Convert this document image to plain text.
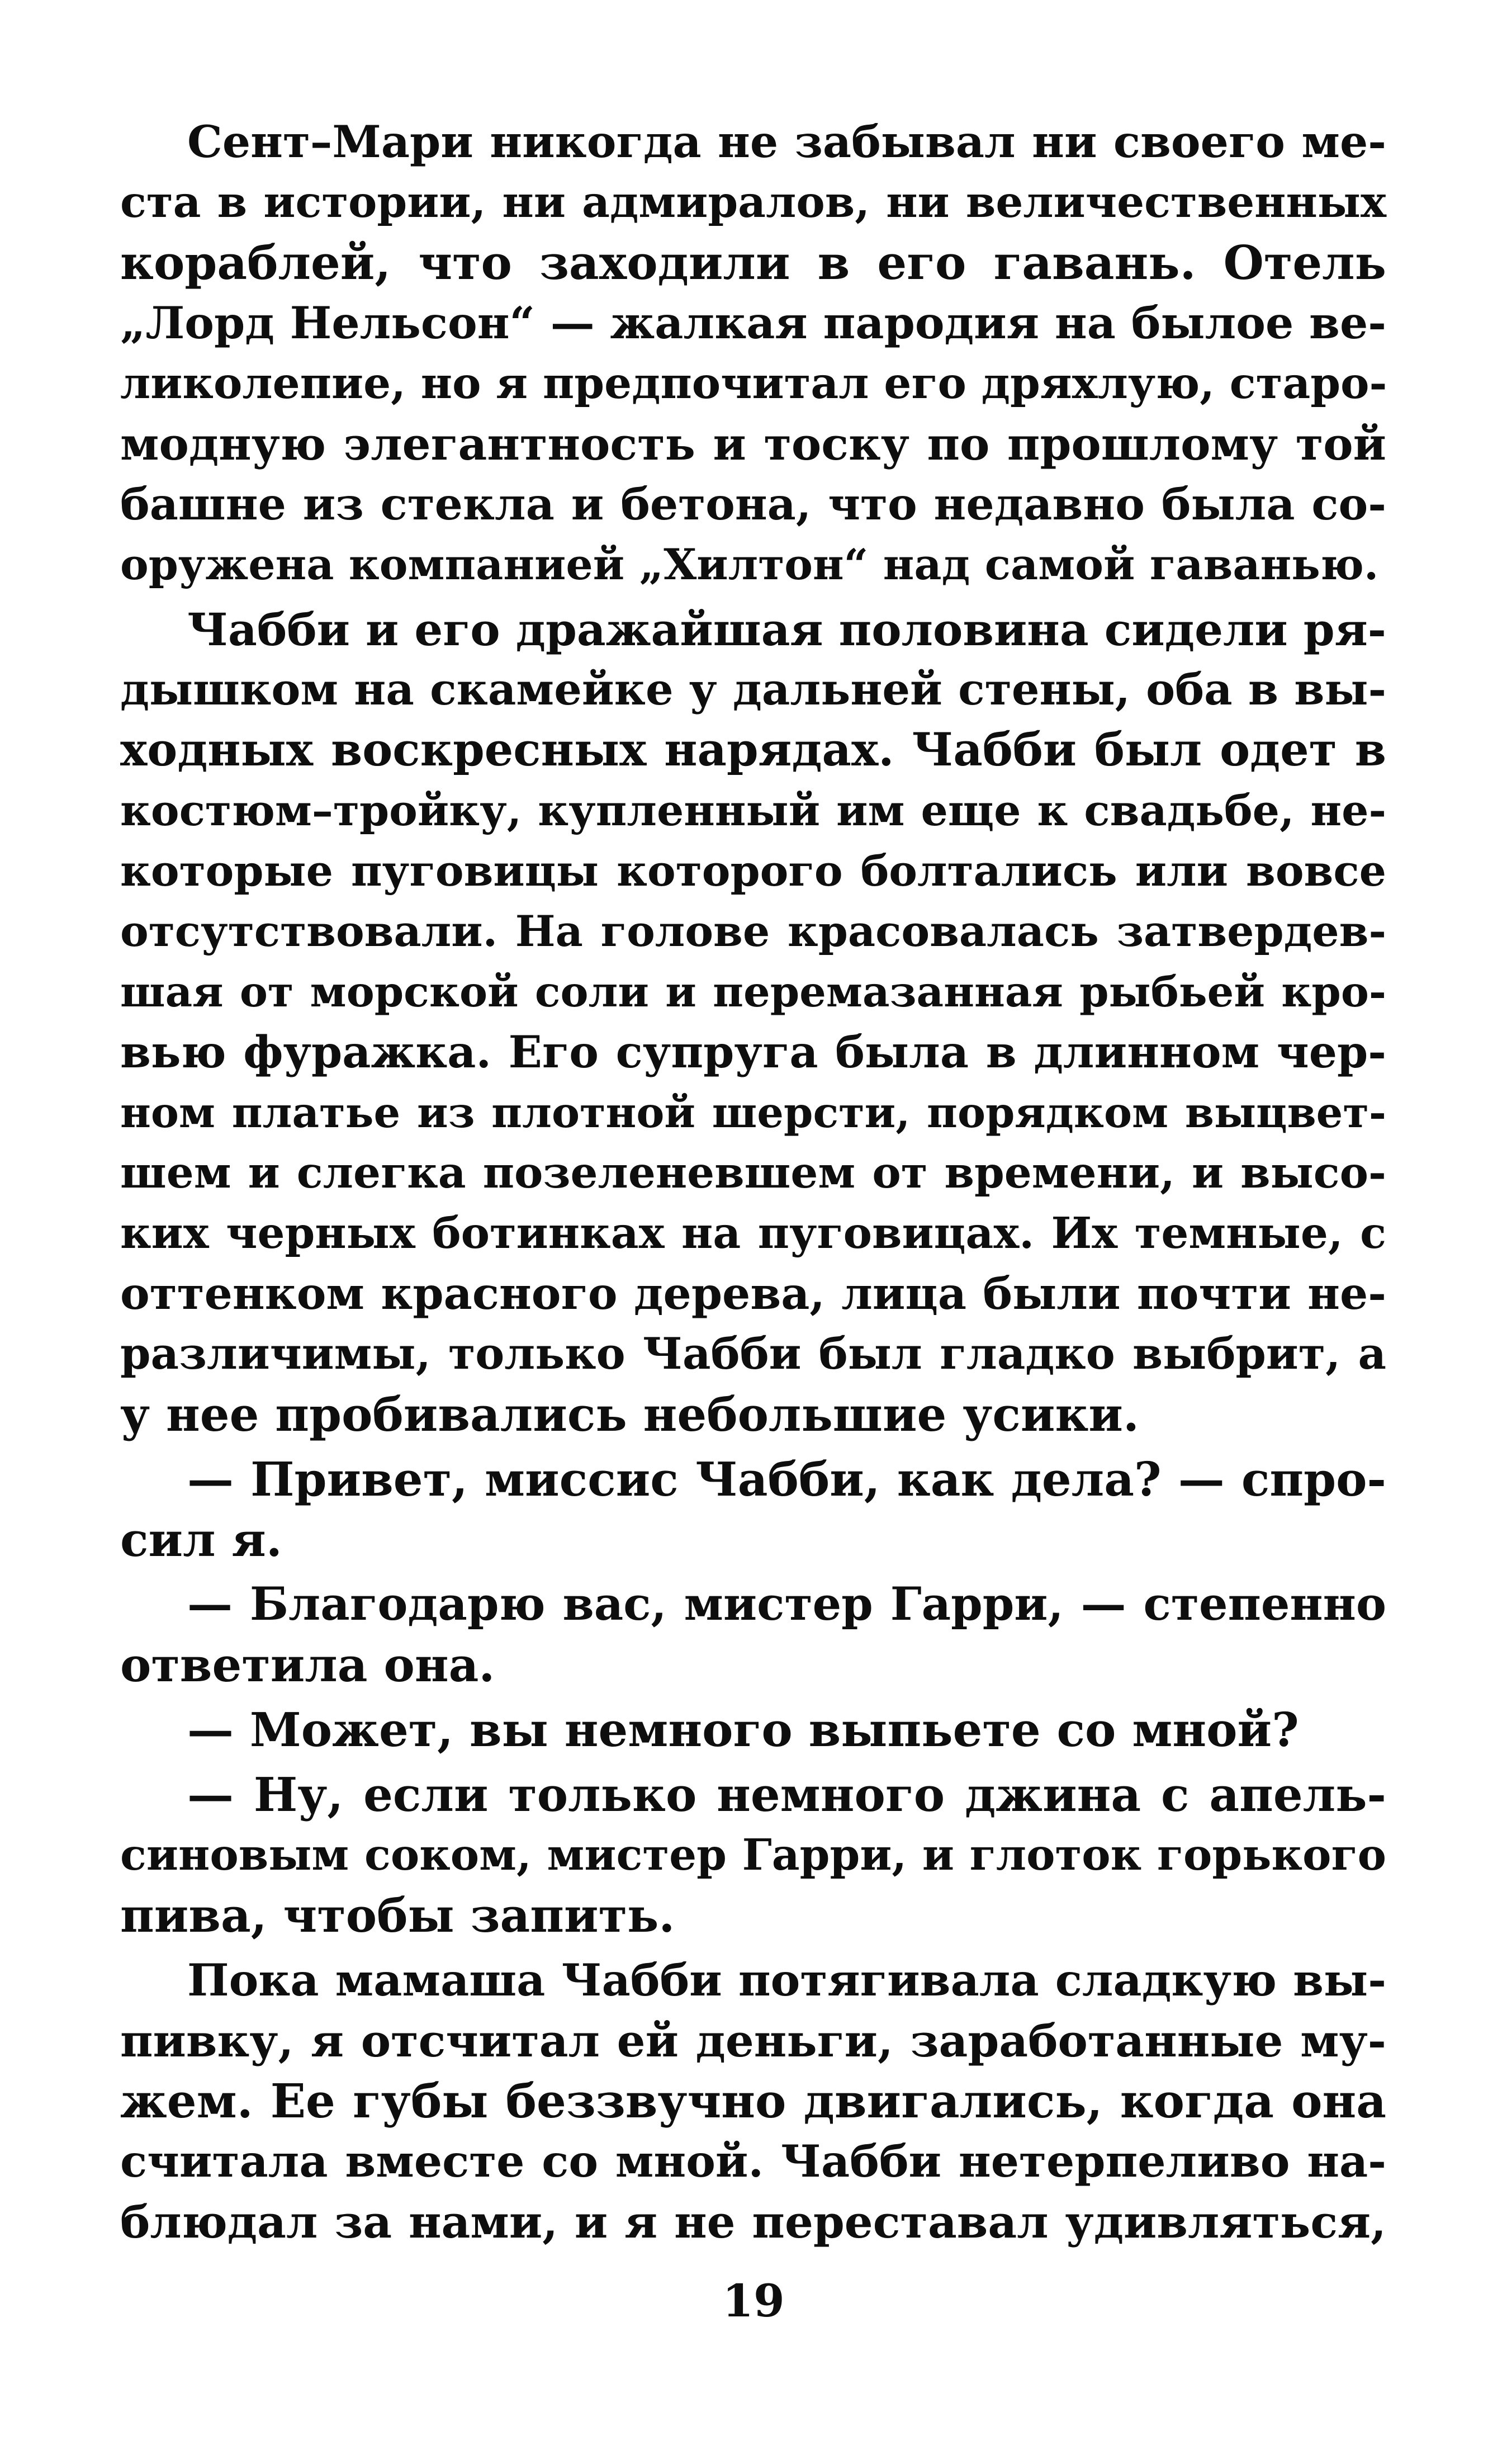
Сент–Мари никогда не забывал ни своего ме-
ста в истории, ни адмиралов, ни величественных
кораблей, что заходили в его гавань. Отель
„Лорд Нельсон“ — жалкая пародия на былое ве-
ликолепие, но я предпочитал его дряхлую, старо-
модную элегантность и тоску по прошлому той
башне из стекла и бетона, что недавно была со-
оружена компанией „Хилтон“ над самой гаванью.
Чабби и его дражайшая половина сидели ря-
дышком на скамейке у дальней стены, оба в вы-
ходных воскресных нарядах. Чабби был одет в
костюм–тройку, купленный им еще к свадьбе, не-
которые пуговицы которого болтались или вовсе
отсутствовали. На голове красовалась затвердев-
шая от морской соли и перемазанная рыбьей кро-
вью фуражка. Его супруга была в длинном чер-
ном платье из плотной шерсти, порядком выцвет-
шем и слегка позеленевшем от времени, и высо-
ких черных ботинках на пуговицах. Их темные, с
оттенком красного дерева, лица были почти не-
различимы, только Чабби был гладко выбрит, а
у нее пробивались небольшие усики.
— Привет, миссис Чабби, как дела? — спро-
сил я.
— Благодарю вас, мистер Гарри, — степенно
ответила она.
— Может, вы немного выпьете со мной?
— Ну, если только немного джина с апель-
синовым соком, мистер Гарри, и глоток горького
пива, чтобы запить.
Пока мамаша Чабби потягивала сладкую вы-
пивку, я отсчитал ей деньги, заработанные му-
жем. Ее губы беззвучно двигались, когда она
считала вместе со мной. Чабби нетерпеливо на-
блюдал за нами, и я не переставал удивляться,
19
